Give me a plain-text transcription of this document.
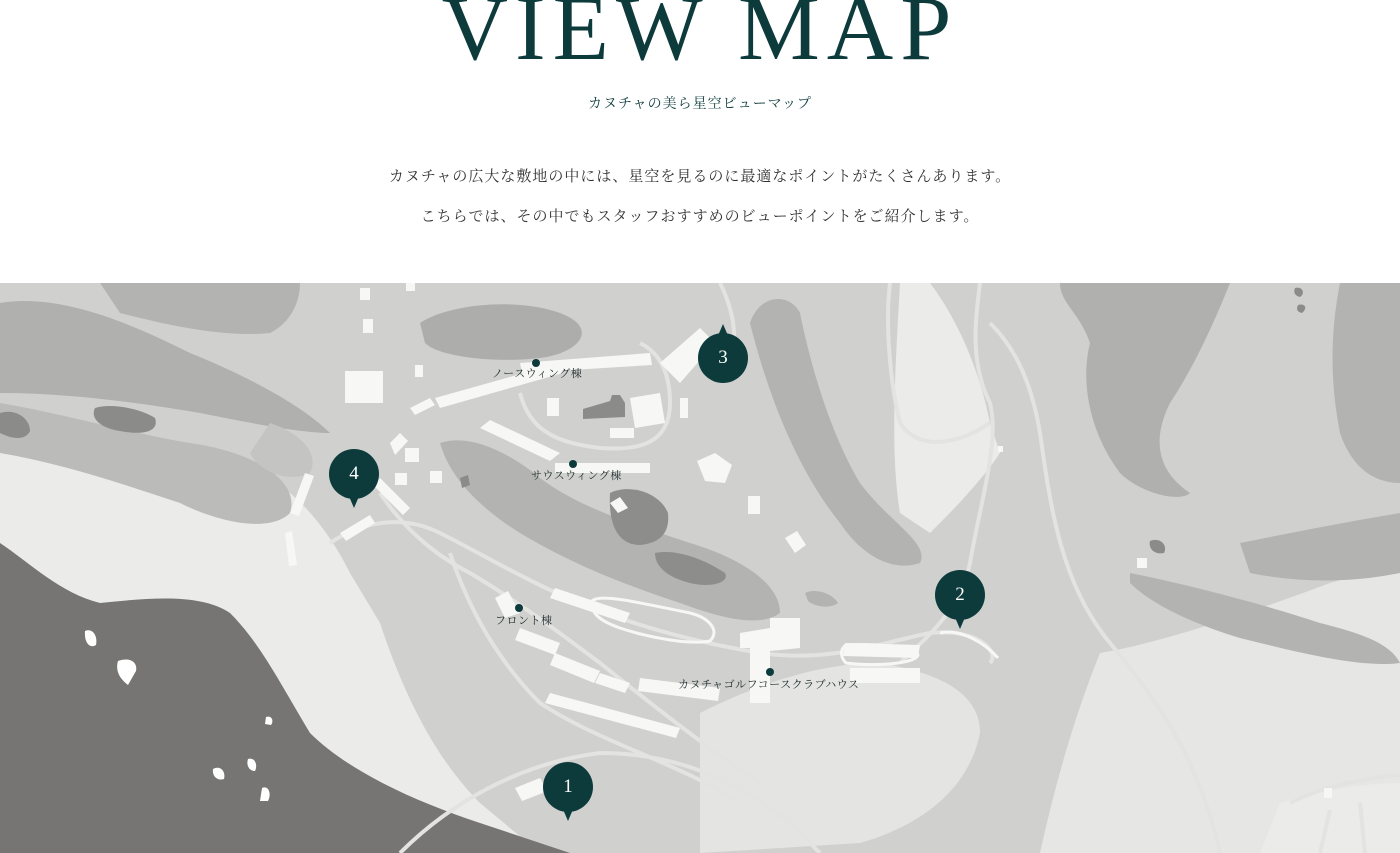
VIEW MAP
カヌチャの美ら星空ビューマップ

カヌチャの広大な敷地の中には、星空を見るのに最適なポイントがたくさんあります。

こちらでは、その中でもスタッフおすすめのビューポイントをご紹介します。

ノースウィング棟
サウスウィング棟
フロント棟
カヌチャゴルフコースクラブハウス
1
2
3
4
